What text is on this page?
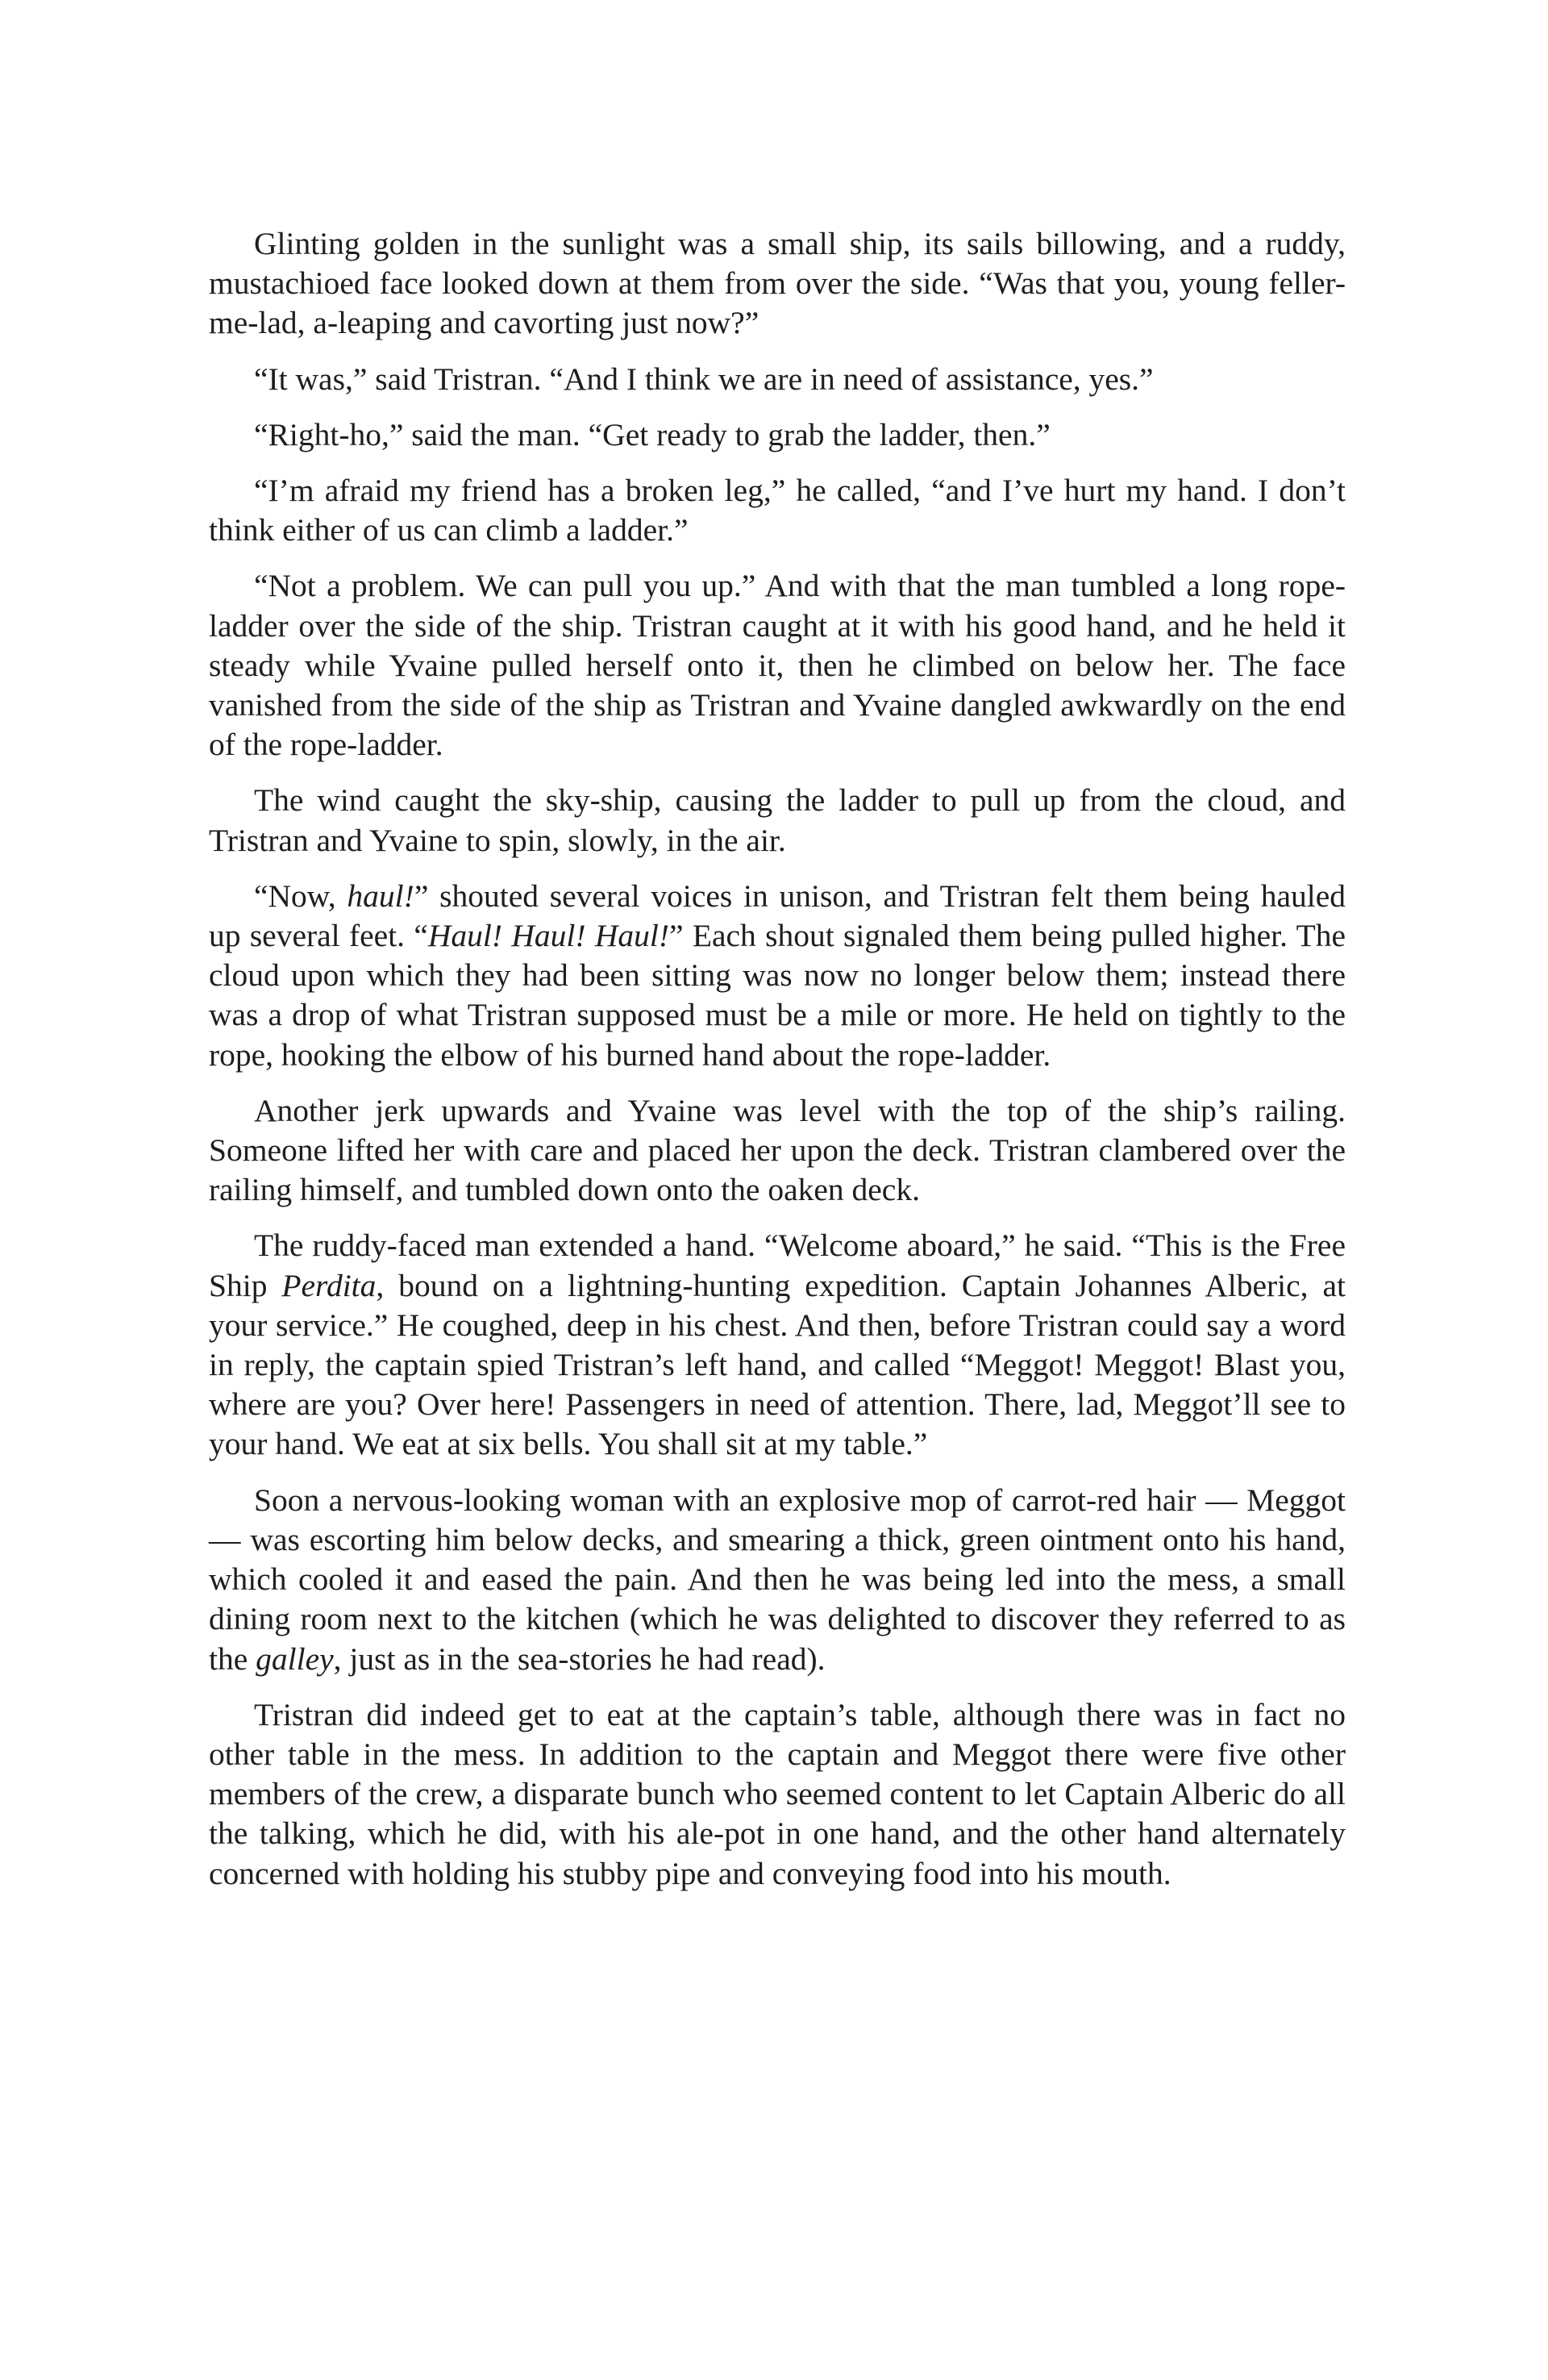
Glinting golden in the sunlight was a small ship, its sails billowing, and a ruddy, mustachioed face looked down at them from over the side. “Was that you, young feller-me-lad, a-leaping and cavorting just now?”

“It was,” said Tristran. “And I think we are in need of assistance, yes.”

“Right-ho,” said the man. “Get ready to grab the ladder, then.”

“I’m afraid my friend has a broken leg,” he called, “and I’ve hurt my hand. I don’t think either of us can climb a ladder.”

“Not a problem. We can pull you up.” And with that the man tumbled a long rope-ladder over the side of the ship. Tristran caught at it with his good hand, and he held it steady while Yvaine pulled herself onto it, then he climbed on below her. The face vanished from the side of the ship as Tristran and Yvaine dangled awkwardly on the end of the rope-ladder.

The wind caught the sky-ship, causing the ladder to pull up from the cloud, and Tristran and Yvaine to spin, slowly, in the air.

“Now, haul!” shouted several voices in unison, and Tristran felt them being hauled up several feet. “Haul! Haul! Haul!” Each shout signaled them being pulled higher. The cloud upon which they had been sitting was now no longer below them; instead there was a drop of what Tristran supposed must be a mile or more. He held on tightly to the rope, hooking the elbow of his burned hand about the rope-ladder.

Another jerk upwards and Yvaine was level with the top of the ship’s railing. Someone lifted her with care and placed her upon the deck. Tristran clambered over the railing himself, and tumbled down onto the oaken deck.

The ruddy-faced man extended a hand. “Welcome aboard,” he said. “This is the Free Ship Perdita, bound on a lightning-hunting expedition. Captain Johannes Alberic, at your service.” He coughed, deep in his chest. And then, before Tristran could say a word in reply, the captain spied Tristran’s left hand, and called “Meggot! Meggot! Blast you, where are you? Over here! Passengers in need of attention. There, lad, Meggot’ll see to your hand. We eat at six bells. You shall sit at my table.”

Soon a nervous-looking woman with an explosive mop of carrot-red hair — Meggot — was escorting him below decks, and smearing a thick, green ointment onto his hand, which cooled it and eased the pain. And then he was being led into the mess, a small dining room next to the kitchen (which he was delighted to discover they referred to as the galley, just as in the sea-stories he had read).

Tristran did indeed get to eat at the captain’s table, although there was in fact no other table in the mess. In addition to the captain and Meggot there were five other members of the crew, a disparate bunch who seemed content to let Captain Alberic do all the talking, which he did, with his ale-pot in one hand, and the other hand alternately concerned with holding his stubby pipe and conveying food into his mouth.
